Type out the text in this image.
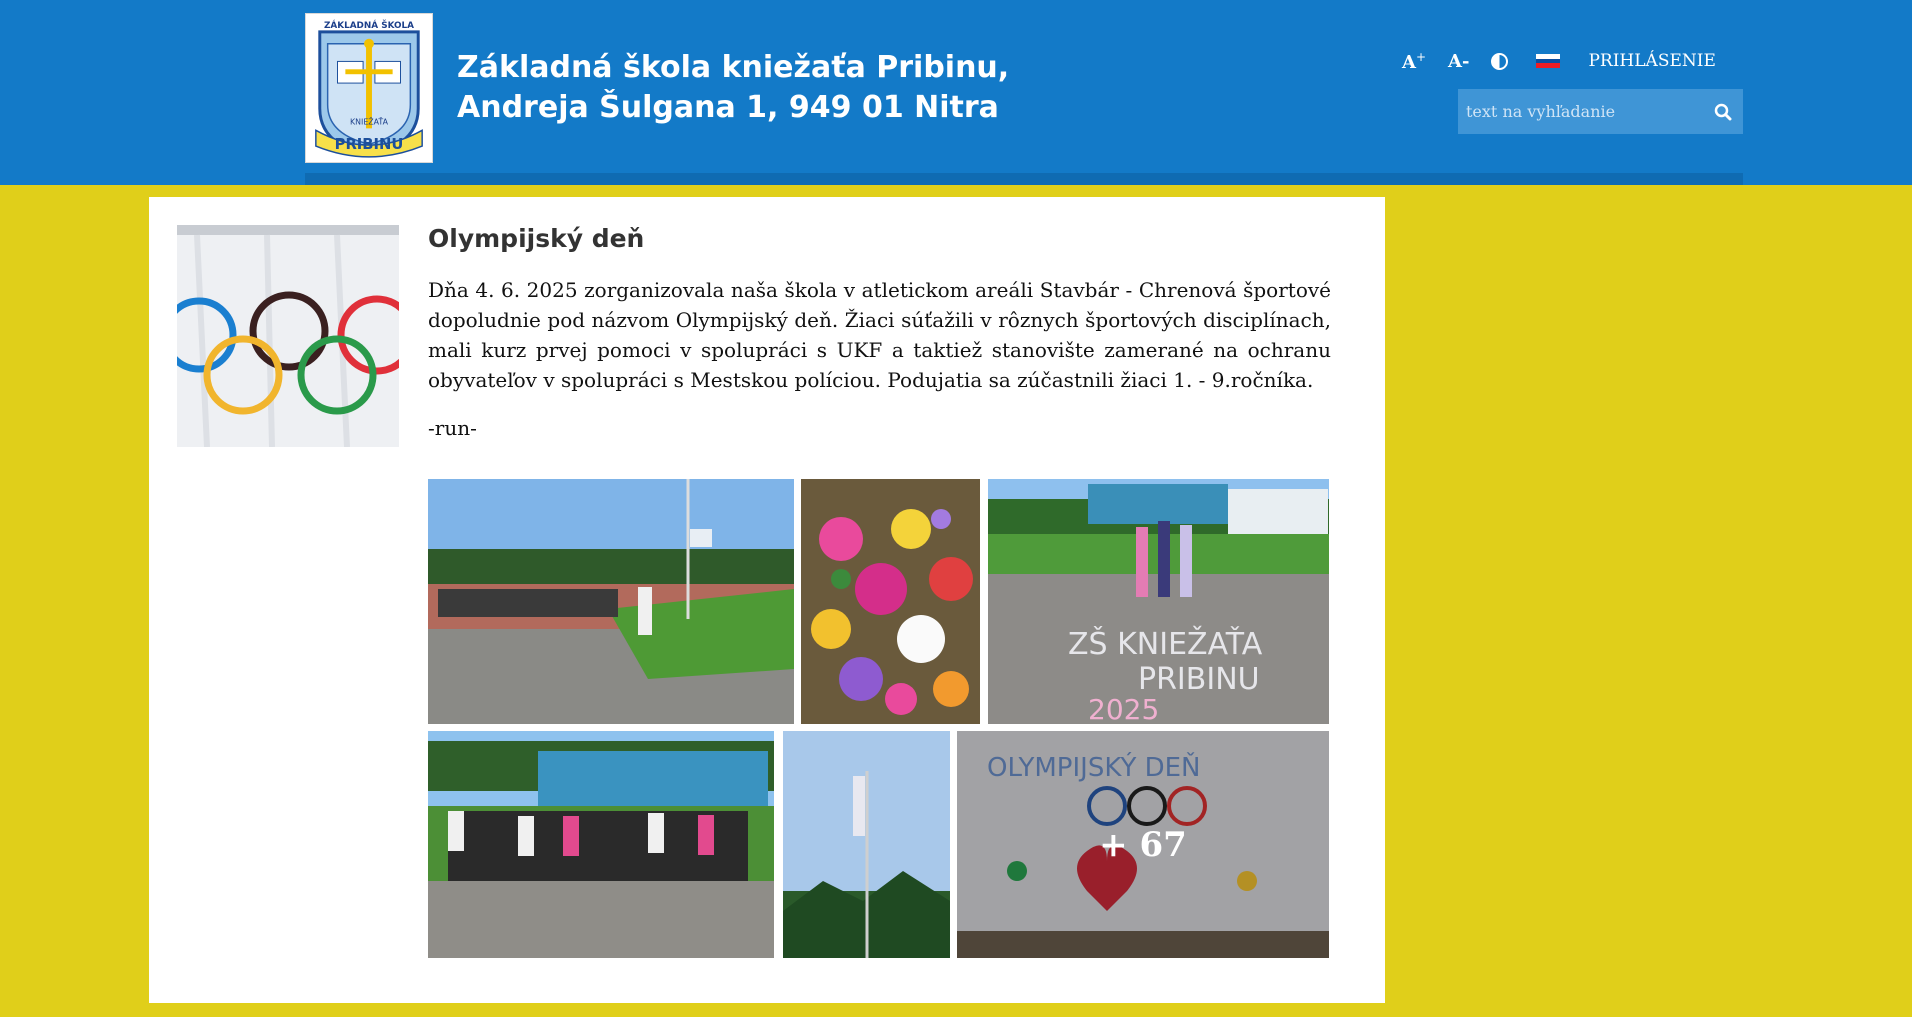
ZÁKLADNÁ ŠKOLA
KNIEŽAŤA
PRIBINU
Základná škola kniežaťa Pribinu,
Andreja Šulgana 1, 949 01 Nitra
A+ A-	PRIHLÁSENIE
text na vyhľadanie
Olympijský deň
Dňa 4. 6. 2025 zorganizovala naša škola v atletickom areáli Stavbár - Chrenová športové dopoludnie pod názvom Olympijský deň. Žiaci súťažili v rôznych športových disciplínach, mali kurz prvej pomoci v spolupráci s UKF a taktiež stanovište zamerané na ochranu obyvateľov v spolupráci s Mestskou políciou. Podujatia sa zúčastnili žiaci 1. - 9.ročníka.
-run-
ZŠ KNIEŽAŤA
PRIBINU
2025
OLYMPIJSKÝ DEŇ
+ 67
